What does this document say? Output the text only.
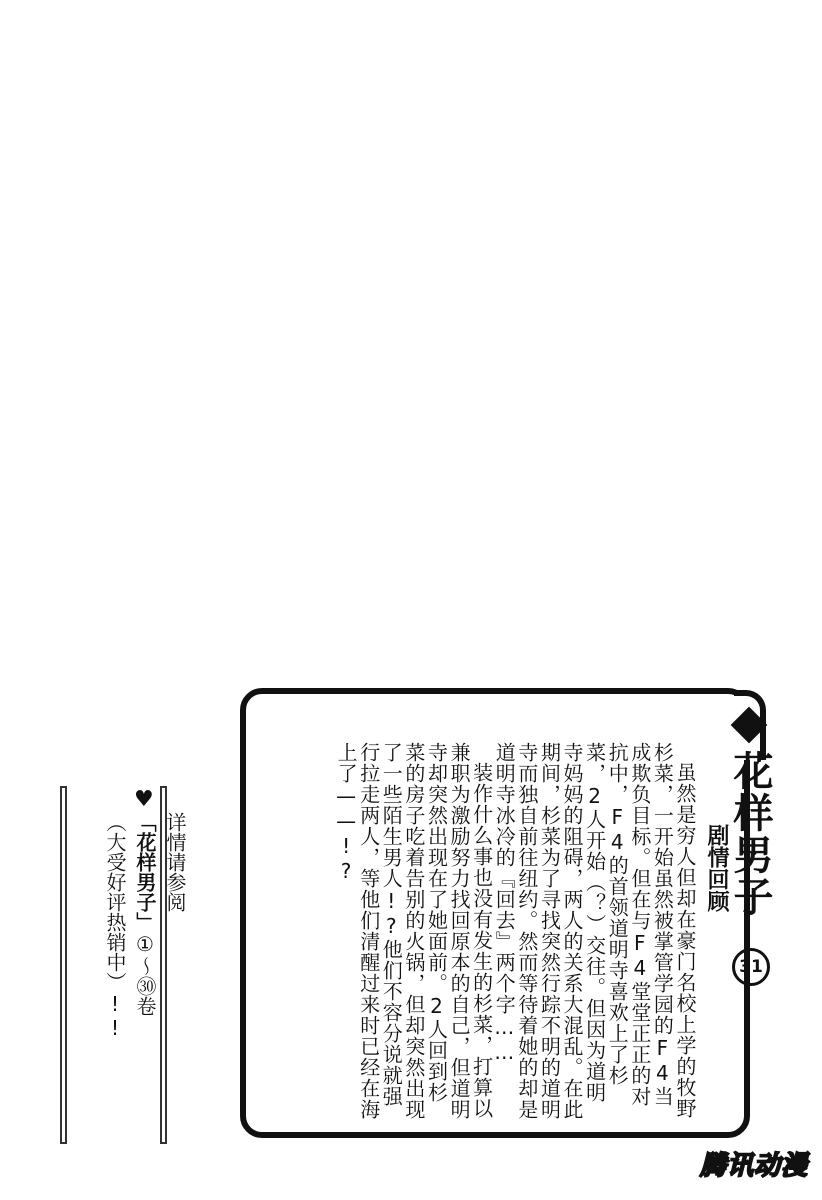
花样男子
31
剧情回顾

虽然是穷人但却在豪门名校上学的牧野杉菜，一开始虽然被掌管学园的F4当成欺负目标。但在与F4堂堂正正的对抗中，F4的首领道明寺喜欢上了杉菜，2人开始（？）交往。但因为道明寺妈妈的阻碍，两人的关系大混乱。在此期间，杉菜为了寻找突然行踪不明的道明寺而独自前往纽约。然而等待着她的却是道明寺冰冷的『回去』两个字……

装作什么事也没有发生的杉菜，打算以兼职为激励努力找回原本的自己，但道明寺却突然出现在了她面前。2人回到杉菜的房子吃着告别的火锅，但却突然出现了一些陌生男人!?他们不容分说就强行拉走两人，等他们清醒过来时已经在海上了——!?

♥
详情请参阅
「花样男子」①～㉚卷
（大受好评热销中）!!
腾讯动漫
